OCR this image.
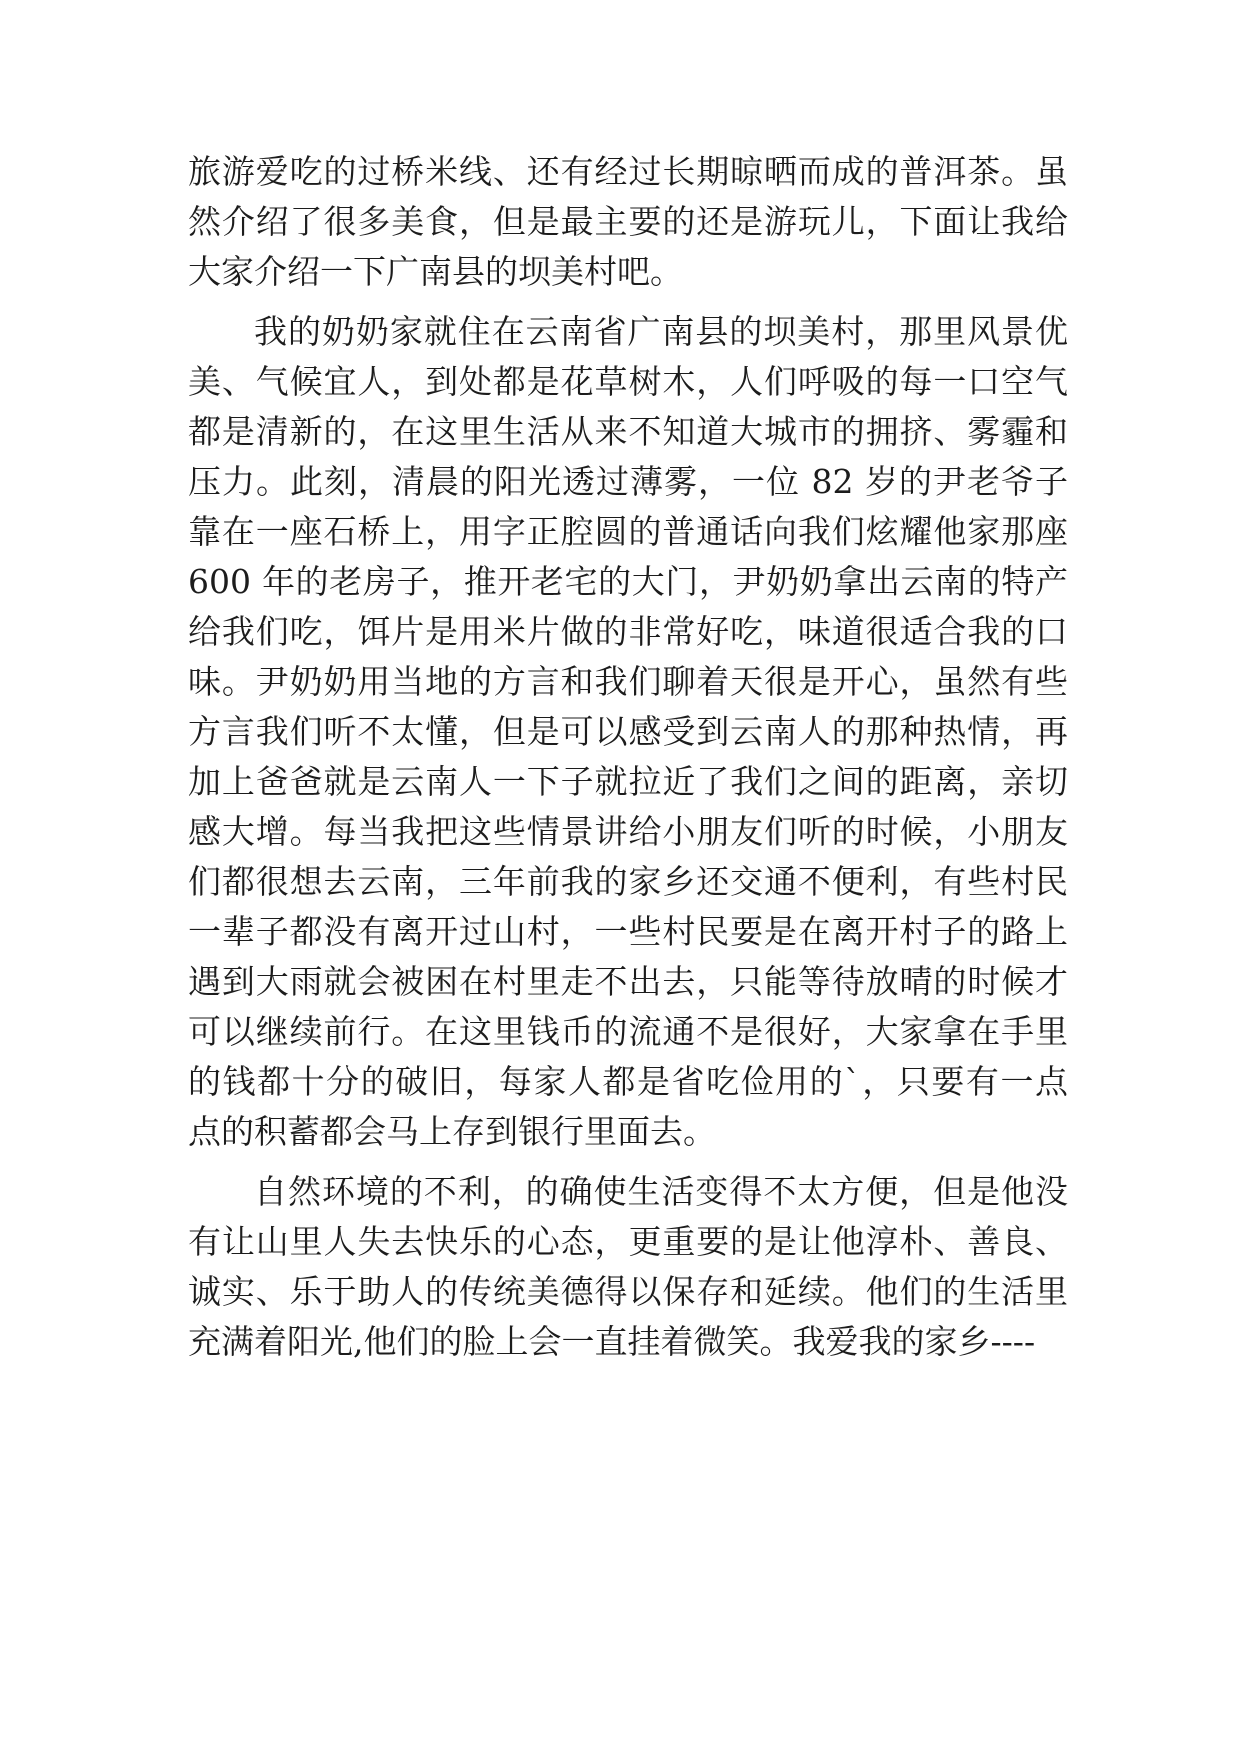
旅游爱吃的过桥米线、还有经过长期晾晒而成的普洱茶。虽
然介绍了很多美食，但是最主要的还是游玩儿，下面让我给
大家介绍一下广南县的坝美村吧。
我的奶奶家就住在云南省广南县的坝美村，那里风景优
美、气候宜人，到处都是花草树木，人们呼吸的每一口空气
都是清新的，在这里生活从来不知道大城市的拥挤、雾霾和
压力。此刻，清晨的阳光透过薄雾，一位 82 岁的尹老爷子
靠在一座石桥上，用字正腔圆的普通话向我们炫耀他家那座
600 年的老房子，推开老宅的大门，尹奶奶拿出云南的特产
给我们吃，饵片是用米片做的非常好吃，味道很适合我的口
味。尹奶奶用当地的方言和我们聊着天很是开心，虽然有些
方言我们听不太懂，但是可以感受到云南人的那种热情，再
加上爸爸就是云南人一下子就拉近了我们之间的距离，亲切
感大增。每当我把这些情景讲给小朋友们听的时候，小朋友
们都很想去云南，三年前我的家乡还交通不便利，有些村民
一辈子都没有离开过山村，一些村民要是在离开村子的路上
遇到大雨就会被困在村里走不出去，只能等待放晴的时候才
可以继续前行。在这里钱币的流通不是很好，大家拿在手里
的钱都十分的破旧，每家人都是省吃俭用的`，只要有一点
点的积蓄都会马上存到银行里面去。
自然环境的不利，的确使生活变得不太方便，但是他没
有让山里人失去快乐的心态，更重要的是让他淳朴、善良、
诚实、乐于助人的传统美德得以保存和延续。他们的生活里
充满着阳光,他们的脸上会一直挂着微笑。我爱我的家乡----
